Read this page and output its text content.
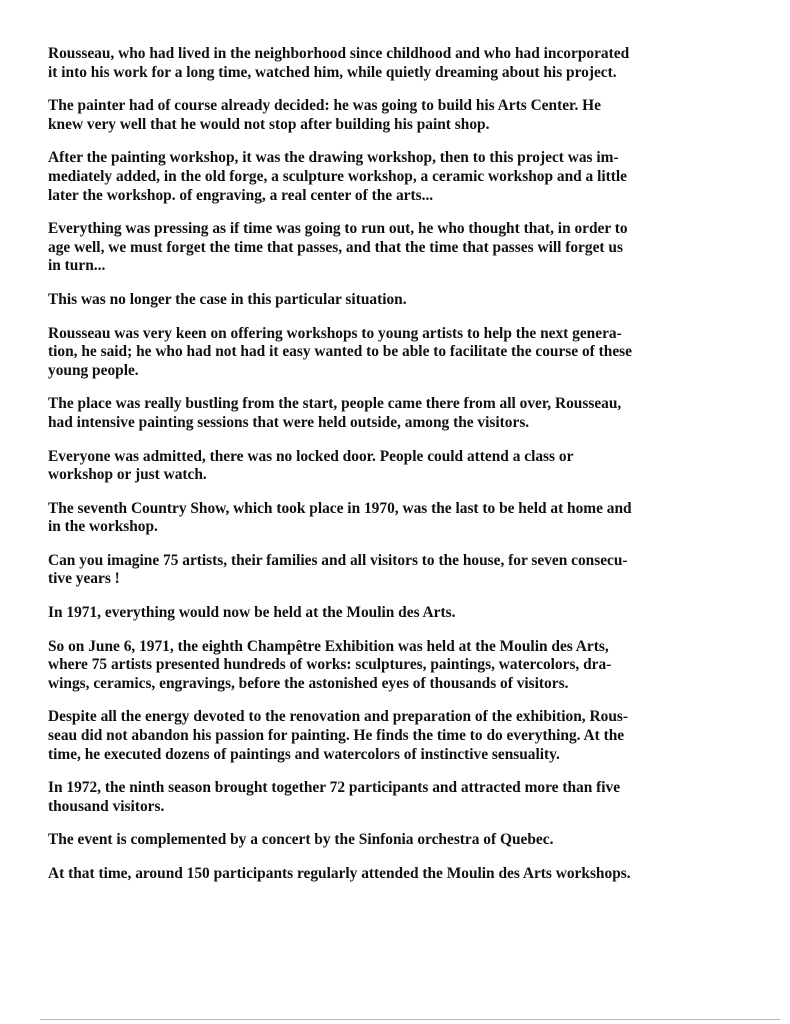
Rousseau, who had lived in the neighborhood since childhood and who had incorporated
it into his work for a long time, watched him, while quietly dreaming about his project.

The painter had of course already decided: he was going to build his Arts Center. He
knew very well that he would not stop after building his paint shop.

After the painting workshop, it was the drawing workshop, then to this project was im-
mediately added, in the old forge, a sculpture workshop, a ceramic workshop and a little
later the workshop. of engraving, a real center of the arts...

Everything was pressing as if time was going to run out, he who thought that, in order to
age well, we must forget the time that passes, and that the time that passes will forget us
in turn...

This was no longer the case in this particular situation.

Rousseau was very keen on offering workshops to young artists to help the next genera-
tion, he said; he who had not had it easy wanted to be able to facilitate the course of these
young people.

The place was really bustling from the start, people came there from all over, Rousseau,
had intensive painting sessions that were held outside, among the visitors.

Everyone was admitted, there was no locked door. People could attend a class or
workshop or just watch.

The seventh Country Show, which took place in 1970, was the last to be held at home and
in the workshop.

Can you imagine 75 artists, their families and all visitors to the house, for seven consecu-
tive years !

In 1971, everything would now be held at the Moulin des Arts.

So on June 6, 1971, the eighth Champêtre Exhibition was held at the Moulin des Arts,
where 75 artists presented hundreds of works: sculptures, paintings, watercolors, dra-
wings, ceramics, engravings, before the astonished eyes of thousands of visitors.

Despite all the energy devoted to the renovation and preparation of the exhibition, Rous-
seau did not abandon his passion for painting. He finds the time to do everything. At the
time, he executed dozens of paintings and watercolors of instinctive sensuality.

In 1972, the ninth season brought together 72 participants and attracted more than five
thousand visitors.

The event is complemented by a concert by the Sinfonia orchestra of Quebec.

At that time, around 150 participants regularly attended the Moulin des Arts workshops.
